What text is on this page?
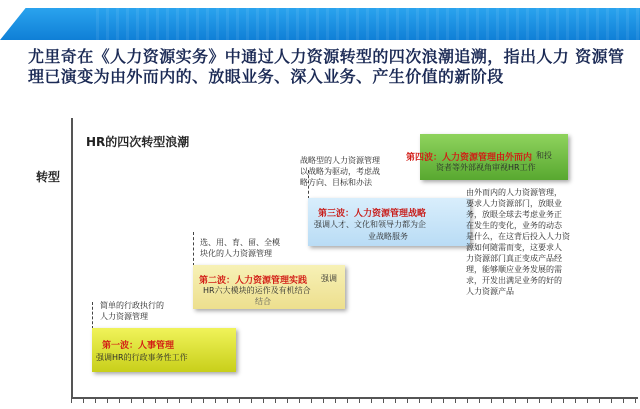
尤里奇在《人力资源实务》中通过人力资源转型的四次浪潮追溯，指出人力 资源管
理已演变为由外而内的、放眼业务、深入业务、产生价值的新阶段
HR的四次转型浪潮
转型
第一波：人事管理
强调HR的行政事务性工作
第二波：人力资源管理实践 强调
HR六大模块的运作及有机结合
结合
第三波：人力资源管理战略
强调人才、文化和领导力都为企
业战略服务
第四波：人力资源管理由外而内 和投
资者等外部视角审视HR工作
简单的行政执行的
人力资源管理
选、用、育、留、全模
块化的人力资源管理
战略型的人力资源管理
以战略为驱动，考虑战
略方向、目标和办法
由外而内的人力资源管理，
要求人力资源部门，放眼业
务，放眼全球去考虑业务正
在发生的变化，业务的动态
是什么，在这背后投入人力资
源如何随需而变，这要求人
力资源部门真正变成产品经
理，能够顺应业务发展的需
求，开发出满足业务的好的
人力资源产品
